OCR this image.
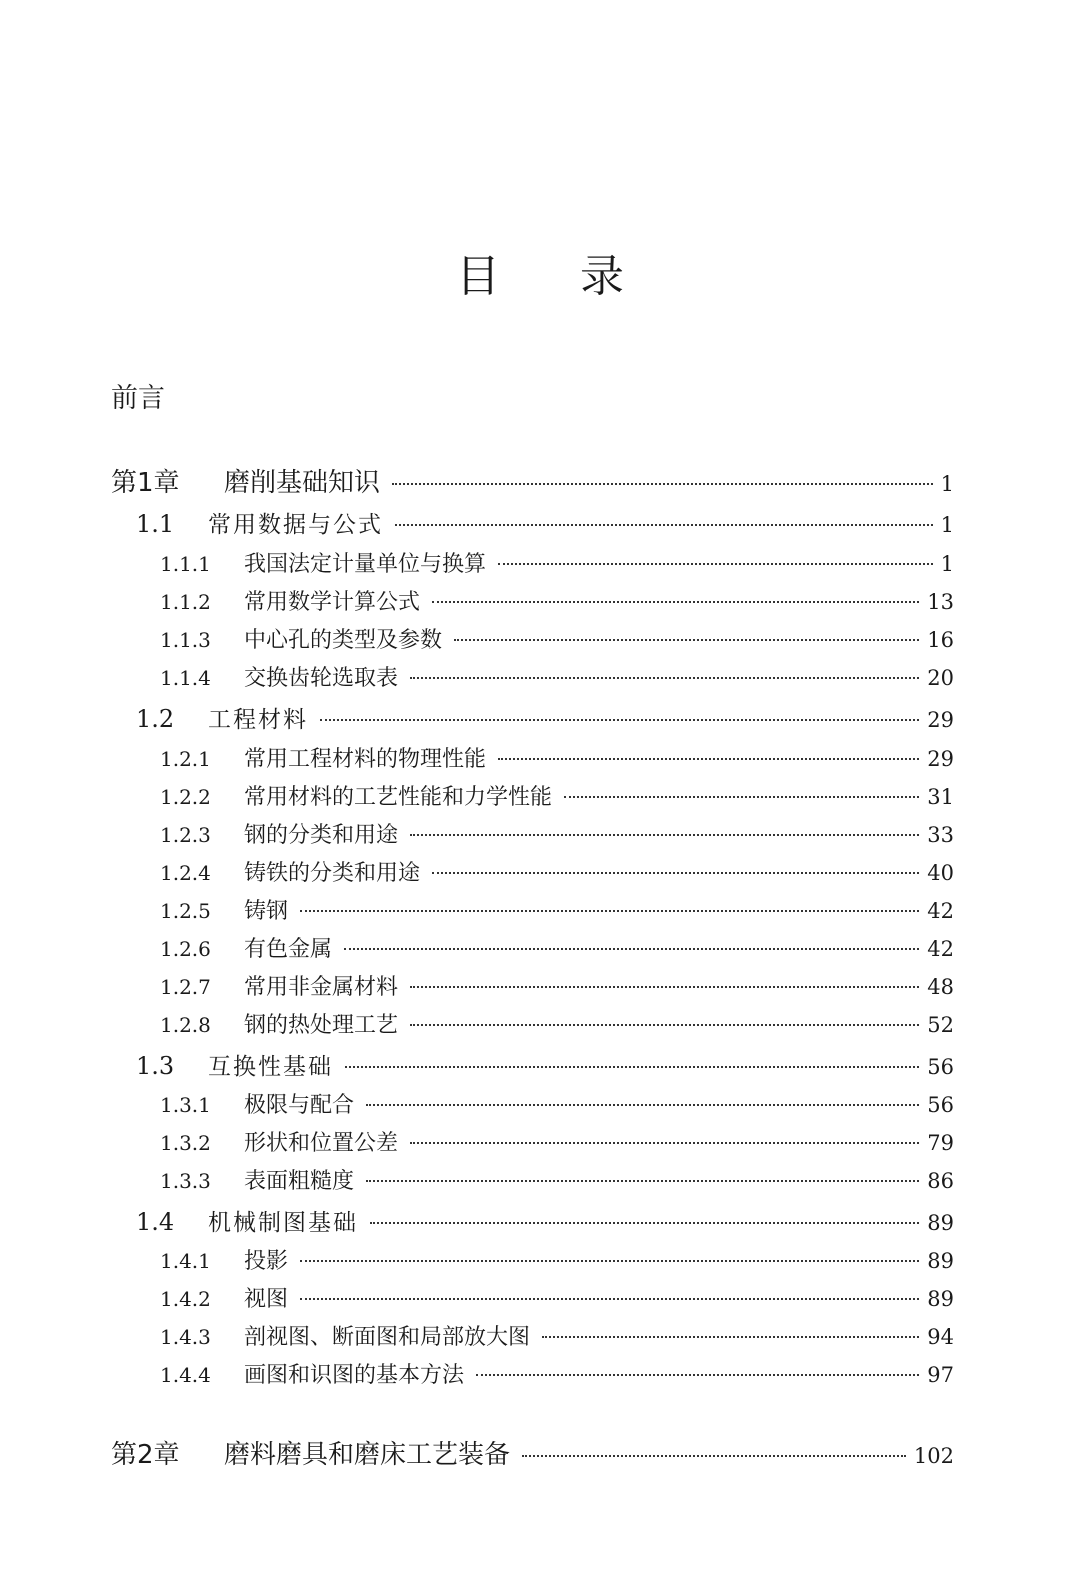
目录
前言
第1章	磨削基础知识	1
1.1	常用数据与公式	1
1.1.1	我国法定计量单位与换算	1
1.1.2	常用数学计算公式	13
1.1.3	中心孔的类型及参数	16
1.1.4	交换齿轮选取表	20
1.2	工程材料	29
1.2.1	常用工程材料的物理性能	29
1.2.2	常用材料的工艺性能和力学性能	31
1.2.3	钢的分类和用途	33
1.2.4	铸铁的分类和用途	40
1.2.5	铸钢	42
1.2.6	有色金属	42
1.2.7	常用非金属材料	48
1.2.8	钢的热处理工艺	52
1.3	互换性基础	56
1.3.1	极限与配合	56
1.3.2	形状和位置公差	79
1.3.3	表面粗糙度	86
1.4	机械制图基础	89
1.4.1	投影	89
1.4.2	视图	89
1.4.3	剖视图、断面图和局部放大图	94
1.4.4	画图和识图的基本方法	97
第2章	磨料磨具和磨床工艺装备	102
